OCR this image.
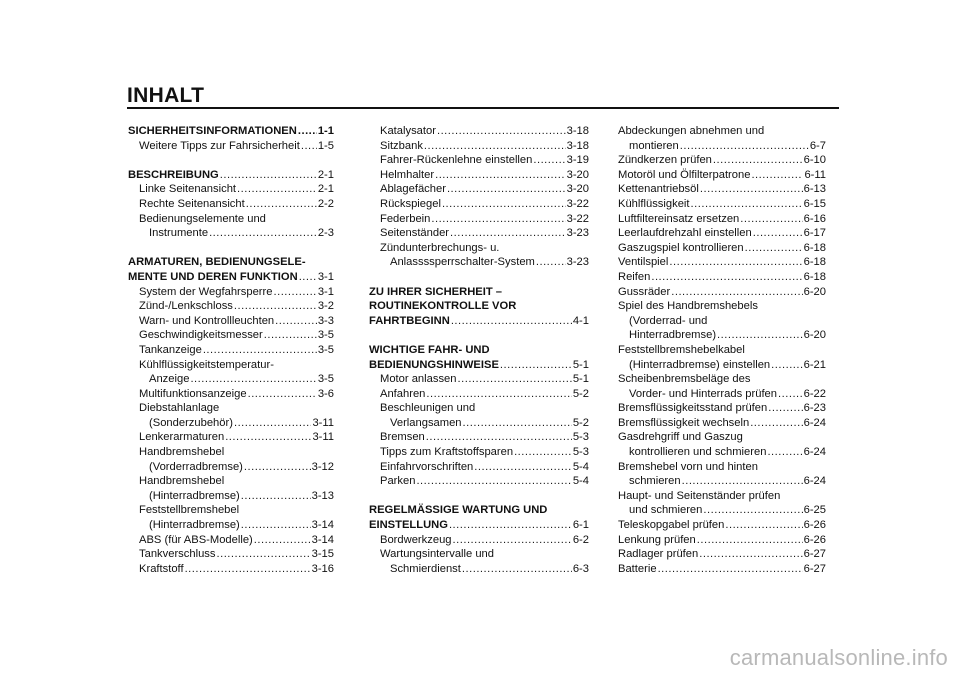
INHALT
SICHERHEITSINFORMATIONEN ..... 1-1
Weitere Tipps zur Fahrsicherheit ..... 1-5
BESCHREIBUNG .....	2-1
Linke Seitenansicht .....	2-1
Rechte Seitenansicht .....	2-2
Bedienungselemente und
Instrumente .....	2-3
ARMATUREN, BEDIENUNGSELE-
MENTE UND DEREN FUNKTION ..... 3-1
System der Wegfahrsperre .....	3-1
Zünd-/Lenkschloss .....	3-2
Warn- und Kontrollleuchten .....	3-3
Geschwindigkeitsmesser .....	3-5
Tankanzeige .....	3-5
Kühlflüssigkeitstemperatur-
Anzeige .....	3-5
Multifunktionsanzeige .....	3-6
Diebstahlanlage
(Sonderzubehör) .....	3-11
Lenkerarmaturen .....	3-11
Handbremshebel
(Vorderradbremse) .....	3-12
Handbremshebel
(Hinterradbremse) .....	3-13
Feststellbremshebel
(Hinterradbremse) .....	3-14
ABS (für ABS-Modelle) .....	3-14
Tankverschluss .....	3-15
Kraftstoff .....	3-16
Katalysator .....	3-18
Sitzbank .....	3-18
Fahrer-Rückenlehne einstellen .....	3-19
Helmhalter .....	3-20
Ablagefächer .....	3-20
Rückspiegel .....	3-22
Federbein .....	3-22
Seitenständer .....	3-23
Zündunterbrechungs- u.
Anlassssperrschalter-System .....	3-23
ZU IHRER SICHERHEIT –
ROUTINEKONTROLLE VOR
FAHRTBEGINN .....	4-1
WICHTIGE FAHR- UND
BEDIENUNGSHINWEISE .....	5-1
Motor anlassen .....	5-1
Anfahren .....	5-2
Beschleunigen und
Verlangsamen .....	5-2
Bremsen .....	5-3
Tipps zum Kraftstoffsparen .....	5-3
Einfahrvorschriften .....	5-4
Parken .....	5-4
REGELMÄSSIGE WARTUNG UND
EINSTELLUNG .....	6-1
Bordwerkzeug .....	6-2
Wartungsintervalle und
Schmierdienst .....	6-3
Abdeckungen abnehmen und
montieren .....	6-7
Zündkerzen prüfen .....	6-10
Motoröl und Ölfilterpatrone .....	6-11
Kettenantriebsöl .....	6-13
Kühlflüssigkeit .....	6-15
Luftfiltereinsatz ersetzen .....	6-16
Leerlaufdrehzahl einstellen .....	6-17
Gaszugspiel kontrollieren .....	6-18
Ventilspiel .....	6-18
Reifen .....	6-18
Gussräder .....	6-20
Spiel des Handbremshebels
(Vorderrad- und
Hinterradbremse) .....	6-20
Feststellbremshebelkabel
(Hinterradbremse) einstellen .....	6-21
Scheibenbremsbeläge des
Vorder- und Hinterrads prüfen ..... 6-22
Bremsflüssigkeitsstand prüfen .....	6-23
Bremsflüssigkeit wechseln .....	6-24
Gasdrehgriff und Gaszug
kontrollieren und schmieren .....	6-24
Bremshebel vorn und hinten
schmieren .....	6-24
Haupt- und Seitenständer prüfen
und schmieren .....	6-25
Teleskopgabel prüfen .....	6-26
Lenkung prüfen .....	6-26
Radlager prüfen .....	6-27
Batterie .....	6-27
carmanualsonline.info
